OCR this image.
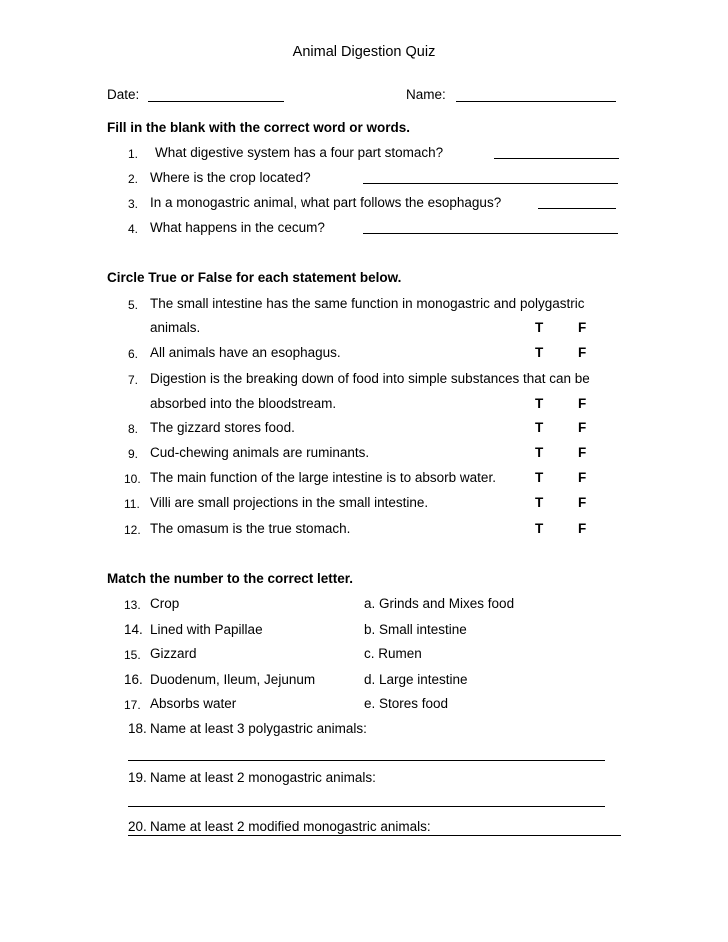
Animal Digestion Quiz
Date:	Name:
Fill in the blank with the correct word or words.
1. What digestive system has a four part stomach?
2. Where is the crop located?
3. In a monogastric animal, what part follows the esophagus?
4. What happens in the cecum?
Circle True or False for each statement below.
5. The small intestine has the same function in monogastric and polygastric
animals.	T	F
6. All animals have an esophagus.	T	F
7. Digestion is the breaking down of food into simple substances that can be
absorbed into the bloodstream.	T	F
8. The gizzard stores food.	T	F
9. Cud-chewing animals are ruminants.	T	F
10. The main function of the large intestine is to absorb water.	T	F
11. Villi are small projections in the small intestine.	T	F
12. The omasum is the true stomach.	T	F
Match the number to the correct letter.
13. Crop	a. Grinds and Mixes food
14. Lined with Papillae	b. Small intestine
15. Gizzard	c. Rumen
16. Duodenum, Ileum, Jejunum	d. Large intestine
17. Absorbs water	e. Stores food
18. Name at least 3 polygastric animals:
19. Name at least 2 monogastric animals:
20. Name at least 2 modified monogastric animals:
